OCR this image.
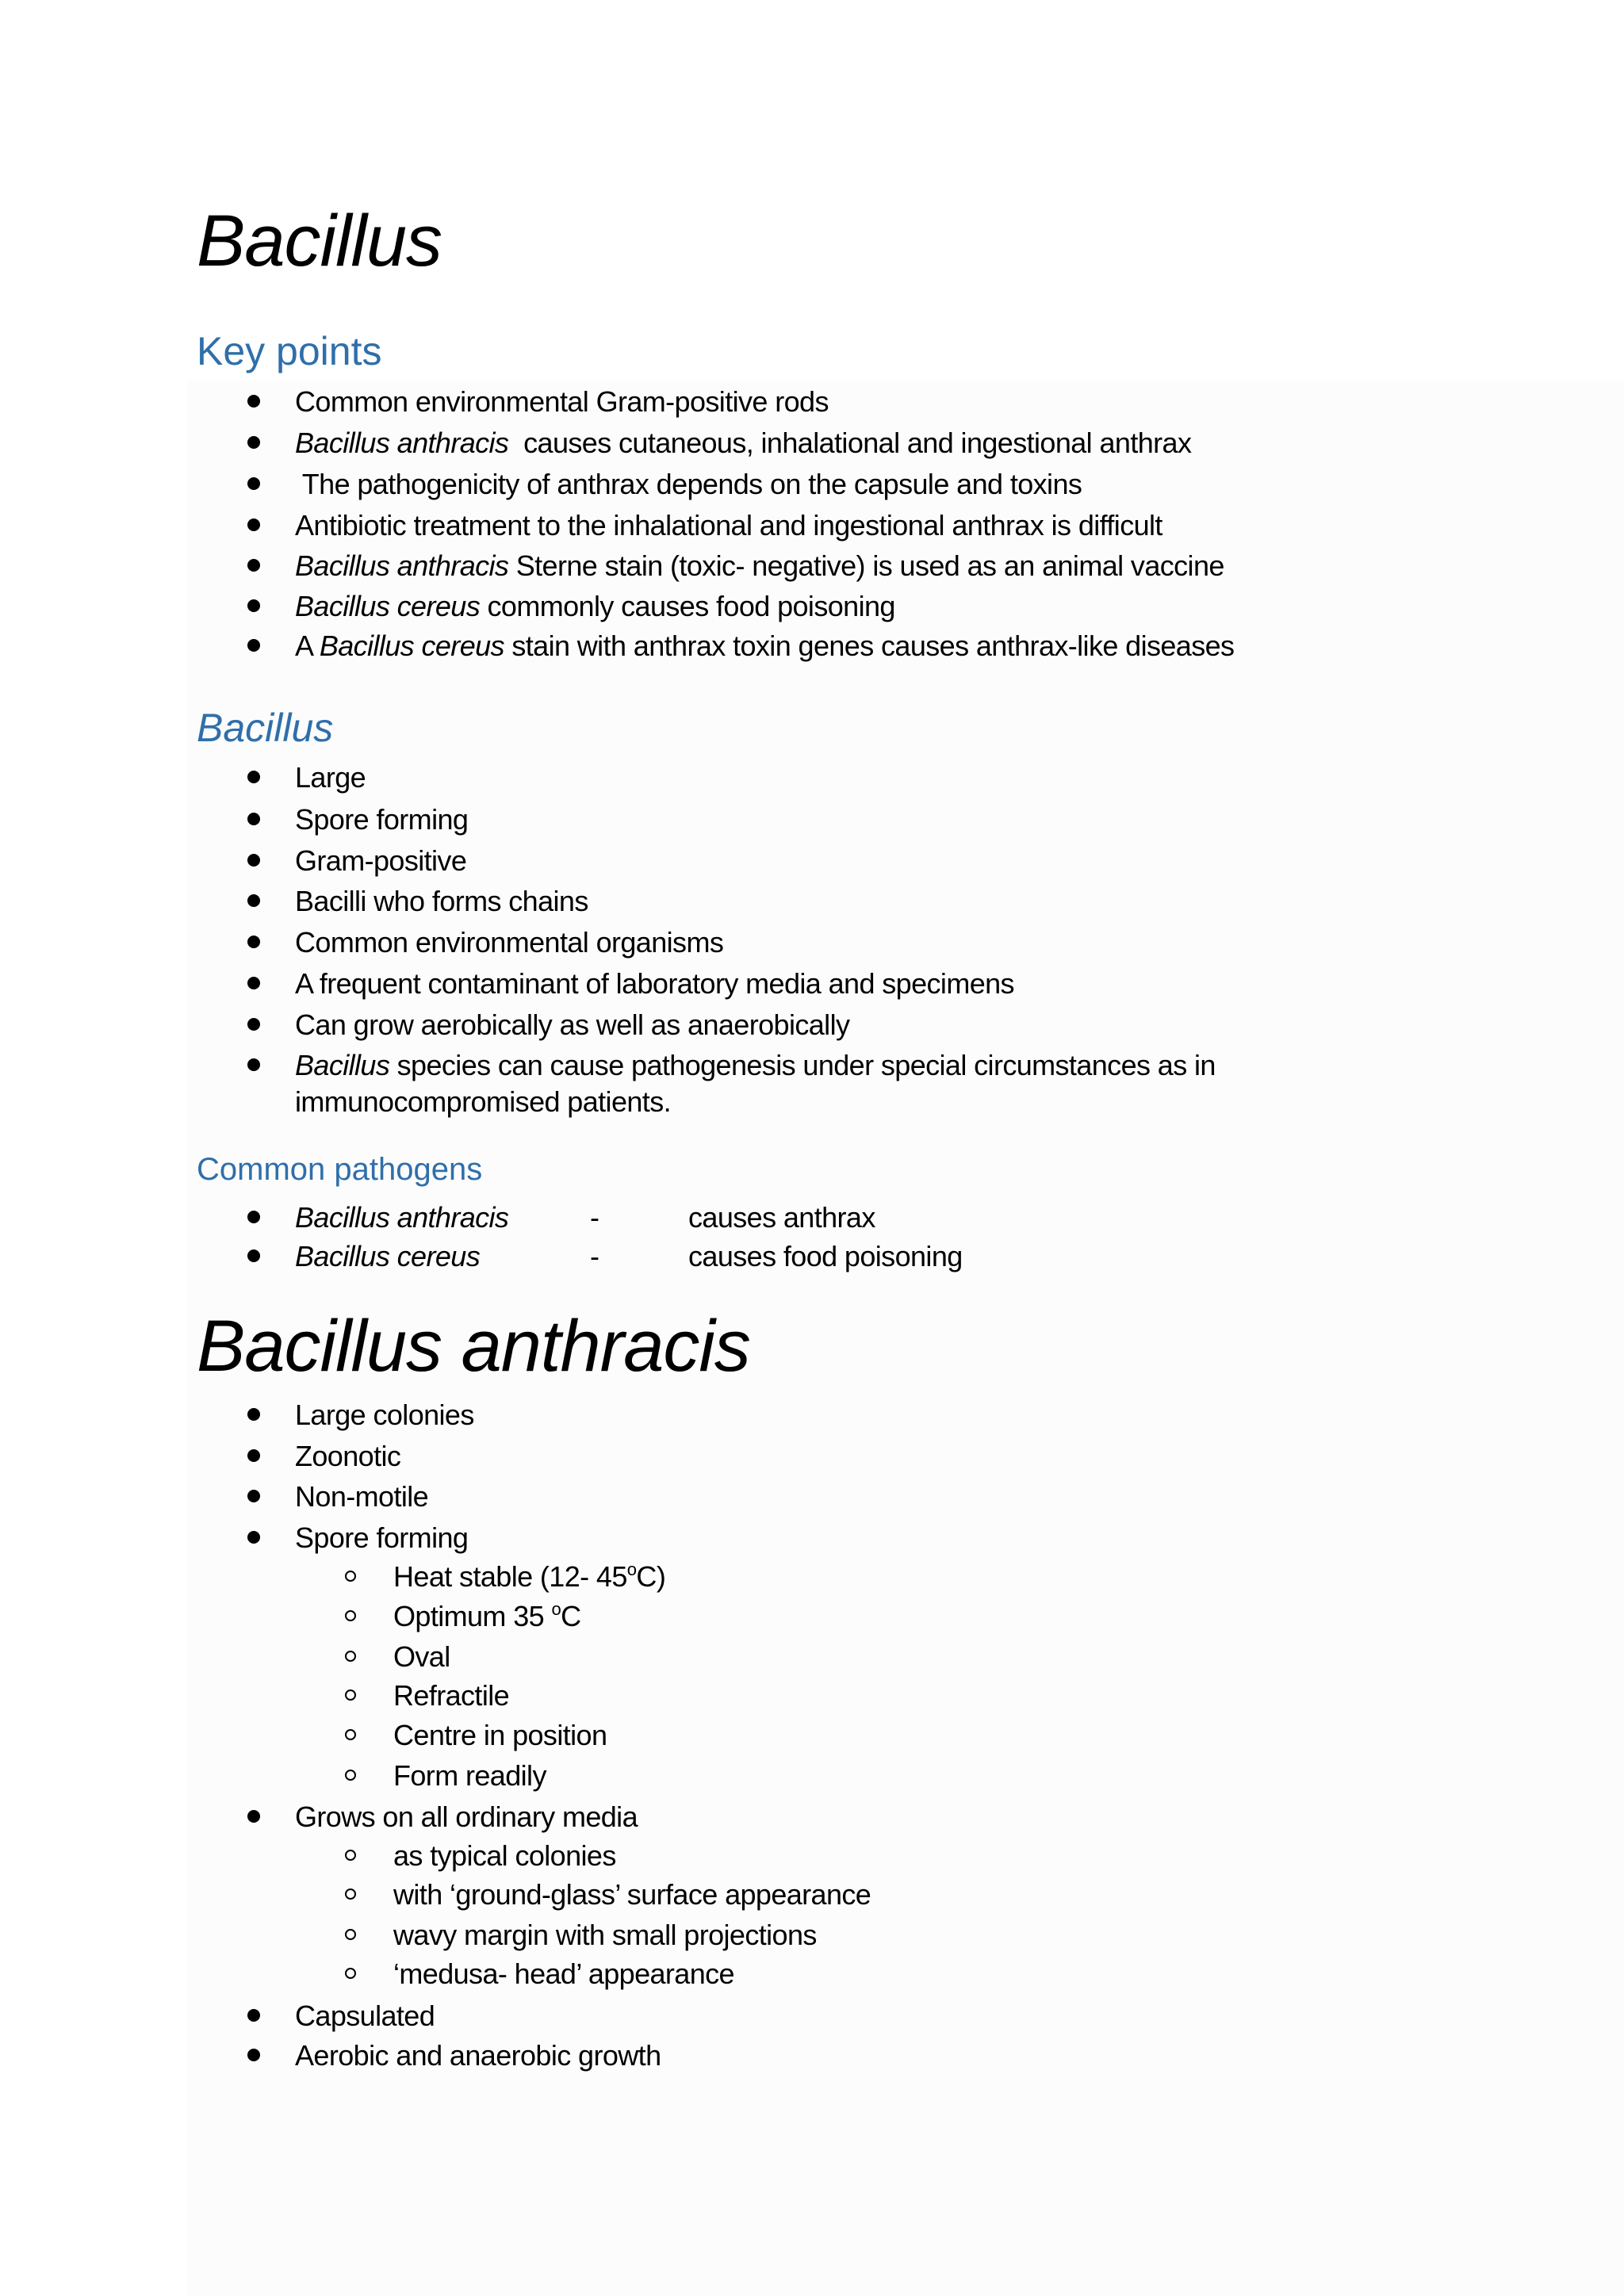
Bacillus
Key points
Common environmental Gram-positive rods
Bacillus anthracis  causes cutaneous, inhalational and ingestional anthrax
The pathogenicity of anthrax depends on the capsule and toxins
Antibiotic treatment to the inhalational and ingestional anthrax is difficult
Bacillus anthracis Sterne stain (toxic- negative) is used as an animal vaccine
Bacillus cereus commonly causes food poisoning
A Bacillus cereus stain with anthrax toxin genes causes anthrax-like diseases
Bacillus
Large
Spore forming
Gram-positive
Bacilli who forms chains
Common environmental organisms
A frequent contaminant of laboratory media and specimens
Can grow aerobically as well as anaerobically
Bacillus species can cause pathogenesis under special circumstances as in
immunocompromised patients.
Common pathogens
Bacillus anthracis	-	causes anthrax
Bacillus cereus	-	causes food poisoning
Bacillus anthracis
Large colonies
Zoonotic
Non-motile
Spore forming
Heat stable (12- 45$^o$C)
Optimum 35 $^o$C
Oval
Refractile
Centre in position
Form readily
Grows on all ordinary media
as typical colonies
with ‘ground-glass’ surface appearance
wavy margin with small projections
‘medusa- head’ appearance
Capsulated
Aerobic and anaerobic growth
